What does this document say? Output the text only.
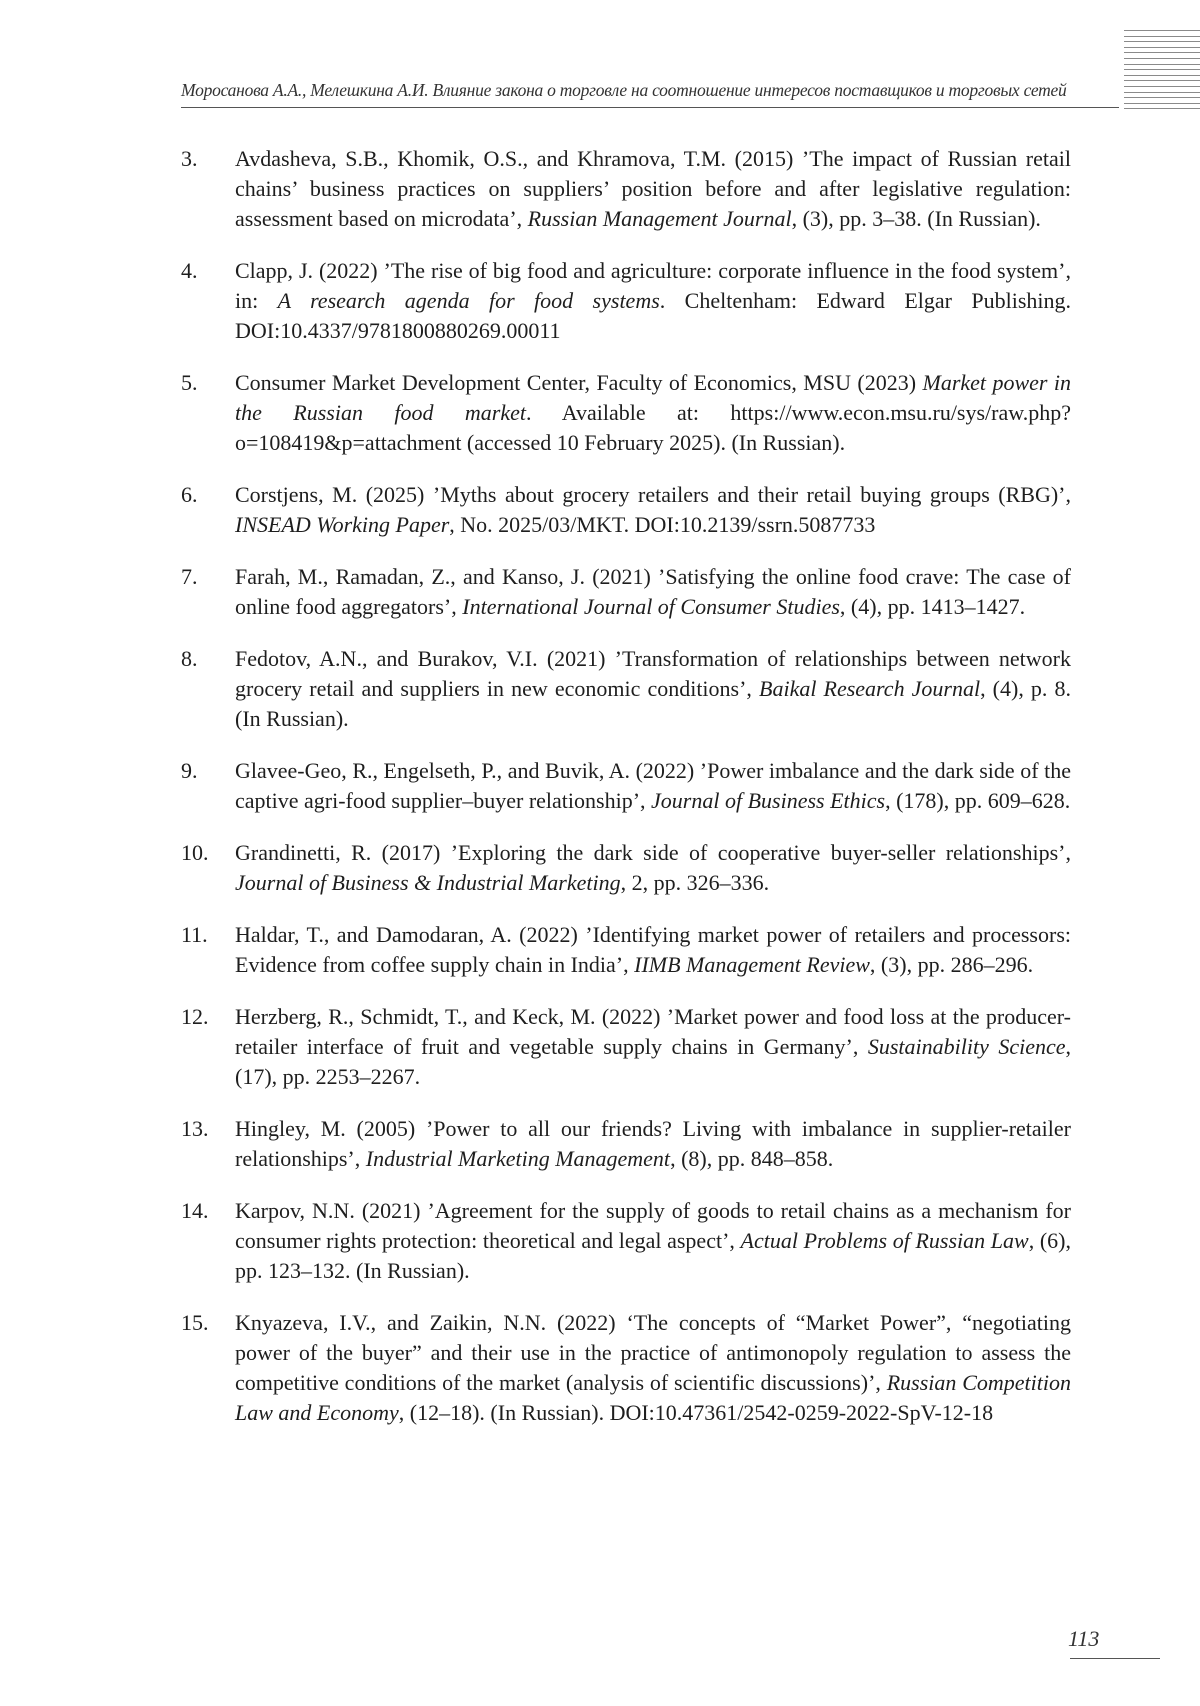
Моросанова А.А., Мелешкина А.И. Влияние закона о торговле на соотношение интересов поставщиков и торговых сетей
3.	Avdasheva, S.B., Khomik, O.S., and Khramova, T.M. (2015) ’The impact of Russian retail chains’ business practices on suppliers’ position before and after legislative regulation: assessment based on microdata’, Russian Management Journal, (3), pp. 3–38. (In Russian).
4.	Clapp, J. (2022) ’The rise of big food and agriculture: corporate influence in the food system’, in: A research agenda for food systems. Cheltenham: Edward Elgar Publishing. DOI:10.4337/9781800880269.00011
5.	Consumer Market Development Center, Faculty of Economics, MSU (2023) Market power in the Russian food market. Available at: https://www.econ.msu.ru/sys/raw.​php?o=108419&p=attachment (accessed 10 February 2025). (In Russian).
6.	Corstjens, M. (2025) ’Myths about grocery retailers and their retail buying groups (RBG)’, INSEAD Working Paper, No. 2025/03/MKT. DOI:10.2139/ssrn.5087733
7.	Farah, M., Ramadan, Z., and Kanso, J. (2021) ’Satisfying the online food crave: The case of online food aggregators’, International Journal of Consumer Studies, (4), pp. 1413–1427.
8.	Fedotov, A.N., and Burakov, V.I. (2021) ’Transformation of relationships between network grocery retail and suppliers in new economic conditions’, Baikal Research Journal, (4), p. 8. (In Russian).
9.	Glavee-Geo, R., Engelseth, P., and Buvik, A. (2022) ’Power imbalance and the dark side of the captive agri-food supplier–buyer relationship’, Journal of Business Ethics, (178), pp. 609–628.
10.	Grandinetti, R. (2017) ’Exploring the dark side of cooperative buyer-seller relationships’, Journal of Business & Industrial Marketing, 2, pp. 326–336.
11.	Haldar, T., and Damodaran, A. (2022) ’Identifying market power of retailers and processors: Evidence from coffee supply chain in India’, IIMB Management Review, (3), pp. 286–296.
12.	Herzberg, R., Schmidt, T., and Keck, M. (2022) ’Market power and food loss at the producer-retailer interface of fruit and vegetable supply chains in Germany’, Sustainability Science, (17), pp. 2253–2267.
13.	Hingley, M. (2005) ’Power to all our friends? Living with imbalance in supplier-retailer relationships’, Industrial Marketing Management, (8), pp. 848–858.
14.	Karpov, N.N. (2021) ’Agreement for the supply of goods to retail chains as a mechanism for consumer rights protection: theoretical and legal aspect’, Actual Problems of Russian Law, (6), pp. 123–132. (In Russian).
15.	Knyazeva, I.V., and Zaikin, N.N. (2022) ‘The concepts of “Market Power”, “negotiating power of the buyer” and their use in the practice of antimonopoly regulation to assess the competitive conditions of the market (analysis of scientific discussions)’, Russian Competition Law and Economy, (12–18). (In Russian). DOI:10.47361/2542-0259-2022-SpV-12-18
113
